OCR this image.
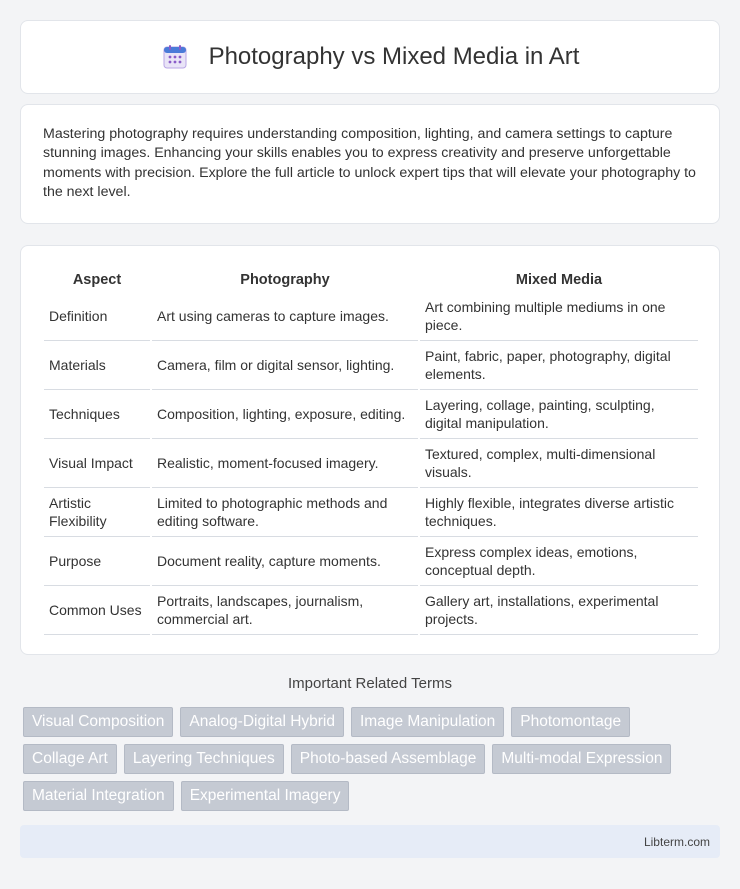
Photography vs Mixed Media in Art

Mastering photography requires understanding composition, lighting, and camera settings to capture stunning images. Enhancing your skills enables you to express creativity and preserve unforgettable moments with precision. Explore the full article to unlock expert tips that will elevate your photography to the next level.

Aspect	Photography	Mixed Media
Definition	Art using cameras to capture images.	Art combining multiple mediums in one piece.
Materials	Camera, film or digital sensor, lighting.	Paint, fabric, paper, photography, digital elements.
Techniques	Composition, lighting, exposure, editing.	Layering, collage, painting, sculpting, digital manipulation.
Visual Impact	Realistic, moment-focused imagery.	Textured, complex, multi-dimensional visuals.
Artistic Flexibility	Limited to photographic methods and editing software.	Highly flexible, integrates diverse artistic techniques.
Purpose	Document reality, capture moments.	Express complex ideas, emotions, conceptual depth.
Common Uses	Portraits, landscapes, journalism, commercial art.	Gallery art, installations, experimental projects.
Important Related Terms
Visual Composition	Analog-Digital Hybrid	Image Manipulation	Photomontage
Collage Art	Layering Techniques	Photo-based Assemblage	Multi-modal Expression
Material Integration	Experimental Imagery
Libterm.com
